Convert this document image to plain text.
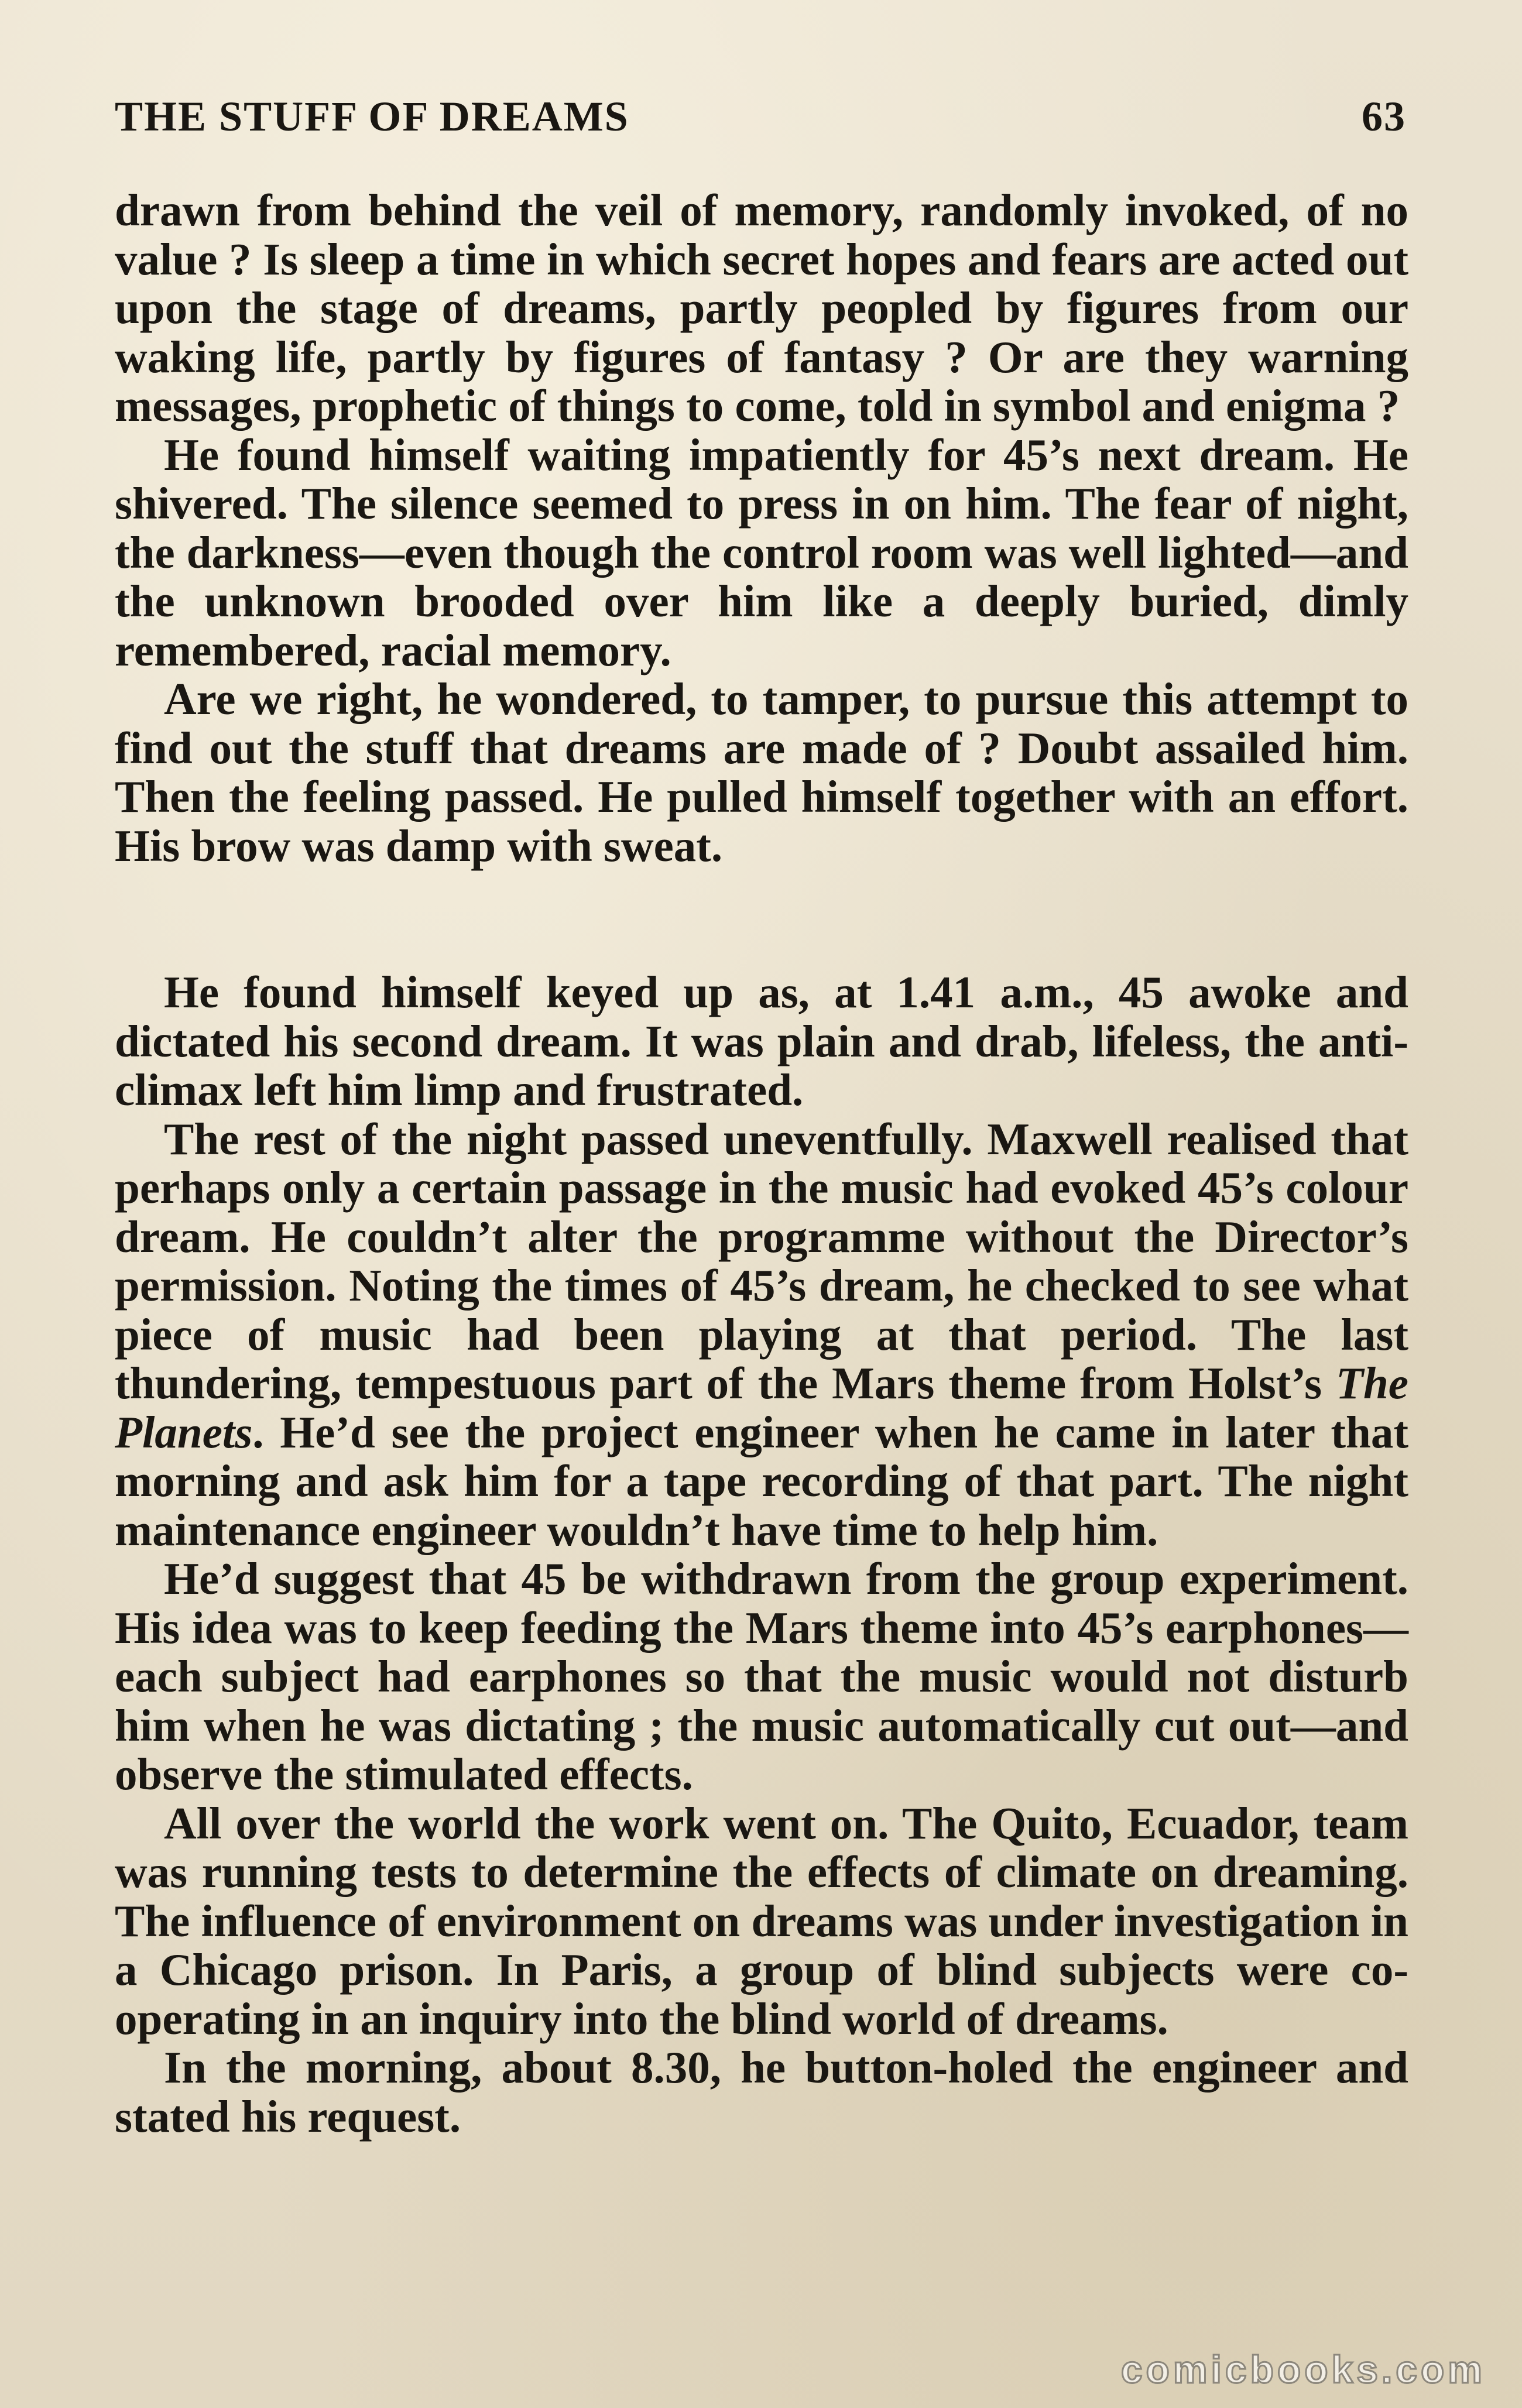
THE STUFF OF DREAMS	63

drawn from behind the veil of memory, randomly invoked, of no value ? Is sleep a time in which secret hopes and fears are acted out upon the stage of dreams, partly peopled by figures from our waking life, partly by figures of fantasy ? Or are they warning messages, prophetic of things to come, told in symbol and enigma ?

He found himself waiting impatiently for 45’s next dream. He shivered. The silence seemed to press in on him. The fear of night, the darkness—even though the control room was well lighted—and the unknown brooded over him like a deeply buried, dimly remembered, racial memory.

Are we right, he wondered, to tamper, to pursue this attempt to find out the stuff that dreams are made of ? Doubt assailed him. Then the feeling passed. He pulled himself together with an effort. His brow was damp with sweat.

He found himself keyed up as, at 1.41 a.m., 45 awoke and dictated his second dream. It was plain and drab, lifeless, the anti-climax left him limp and frustrated.

The rest of the night passed uneventfully. Maxwell realised that perhaps only a certain passage in the music had evoked 45’s colour dream. He couldn’t alter the programme without the Director’s permission. Noting the times of 45’s dream, he checked to see what piece of music had been playing at that period. The last thundering, tempestuous part of the Mars theme from Holst’s The Planets. He’d see the project engineer when he came in later that morning and ask him for a tape recording of that part. The night maintenance engineer wouldn’t have time to help him.

He’d suggest that 45 be withdrawn from the group experiment. His idea was to keep feeding the Mars theme into 45’s earphones—each subject had earphones so that the music would not disturb him when he was dictating ; the music automatically cut out—and observe the stimulated effects.

All over the world the work went on. The Quito, Ecuador, team was running tests to determine the effects of climate on dreaming. The influence of environment on dreams was under investigation in a Chicago prison. In Paris, a group of blind subjects were co-operating in an inquiry into the blind world of dreams.

In the morning, about 8.30, he button-holed the engineer and stated his request.

comicbooks.com
